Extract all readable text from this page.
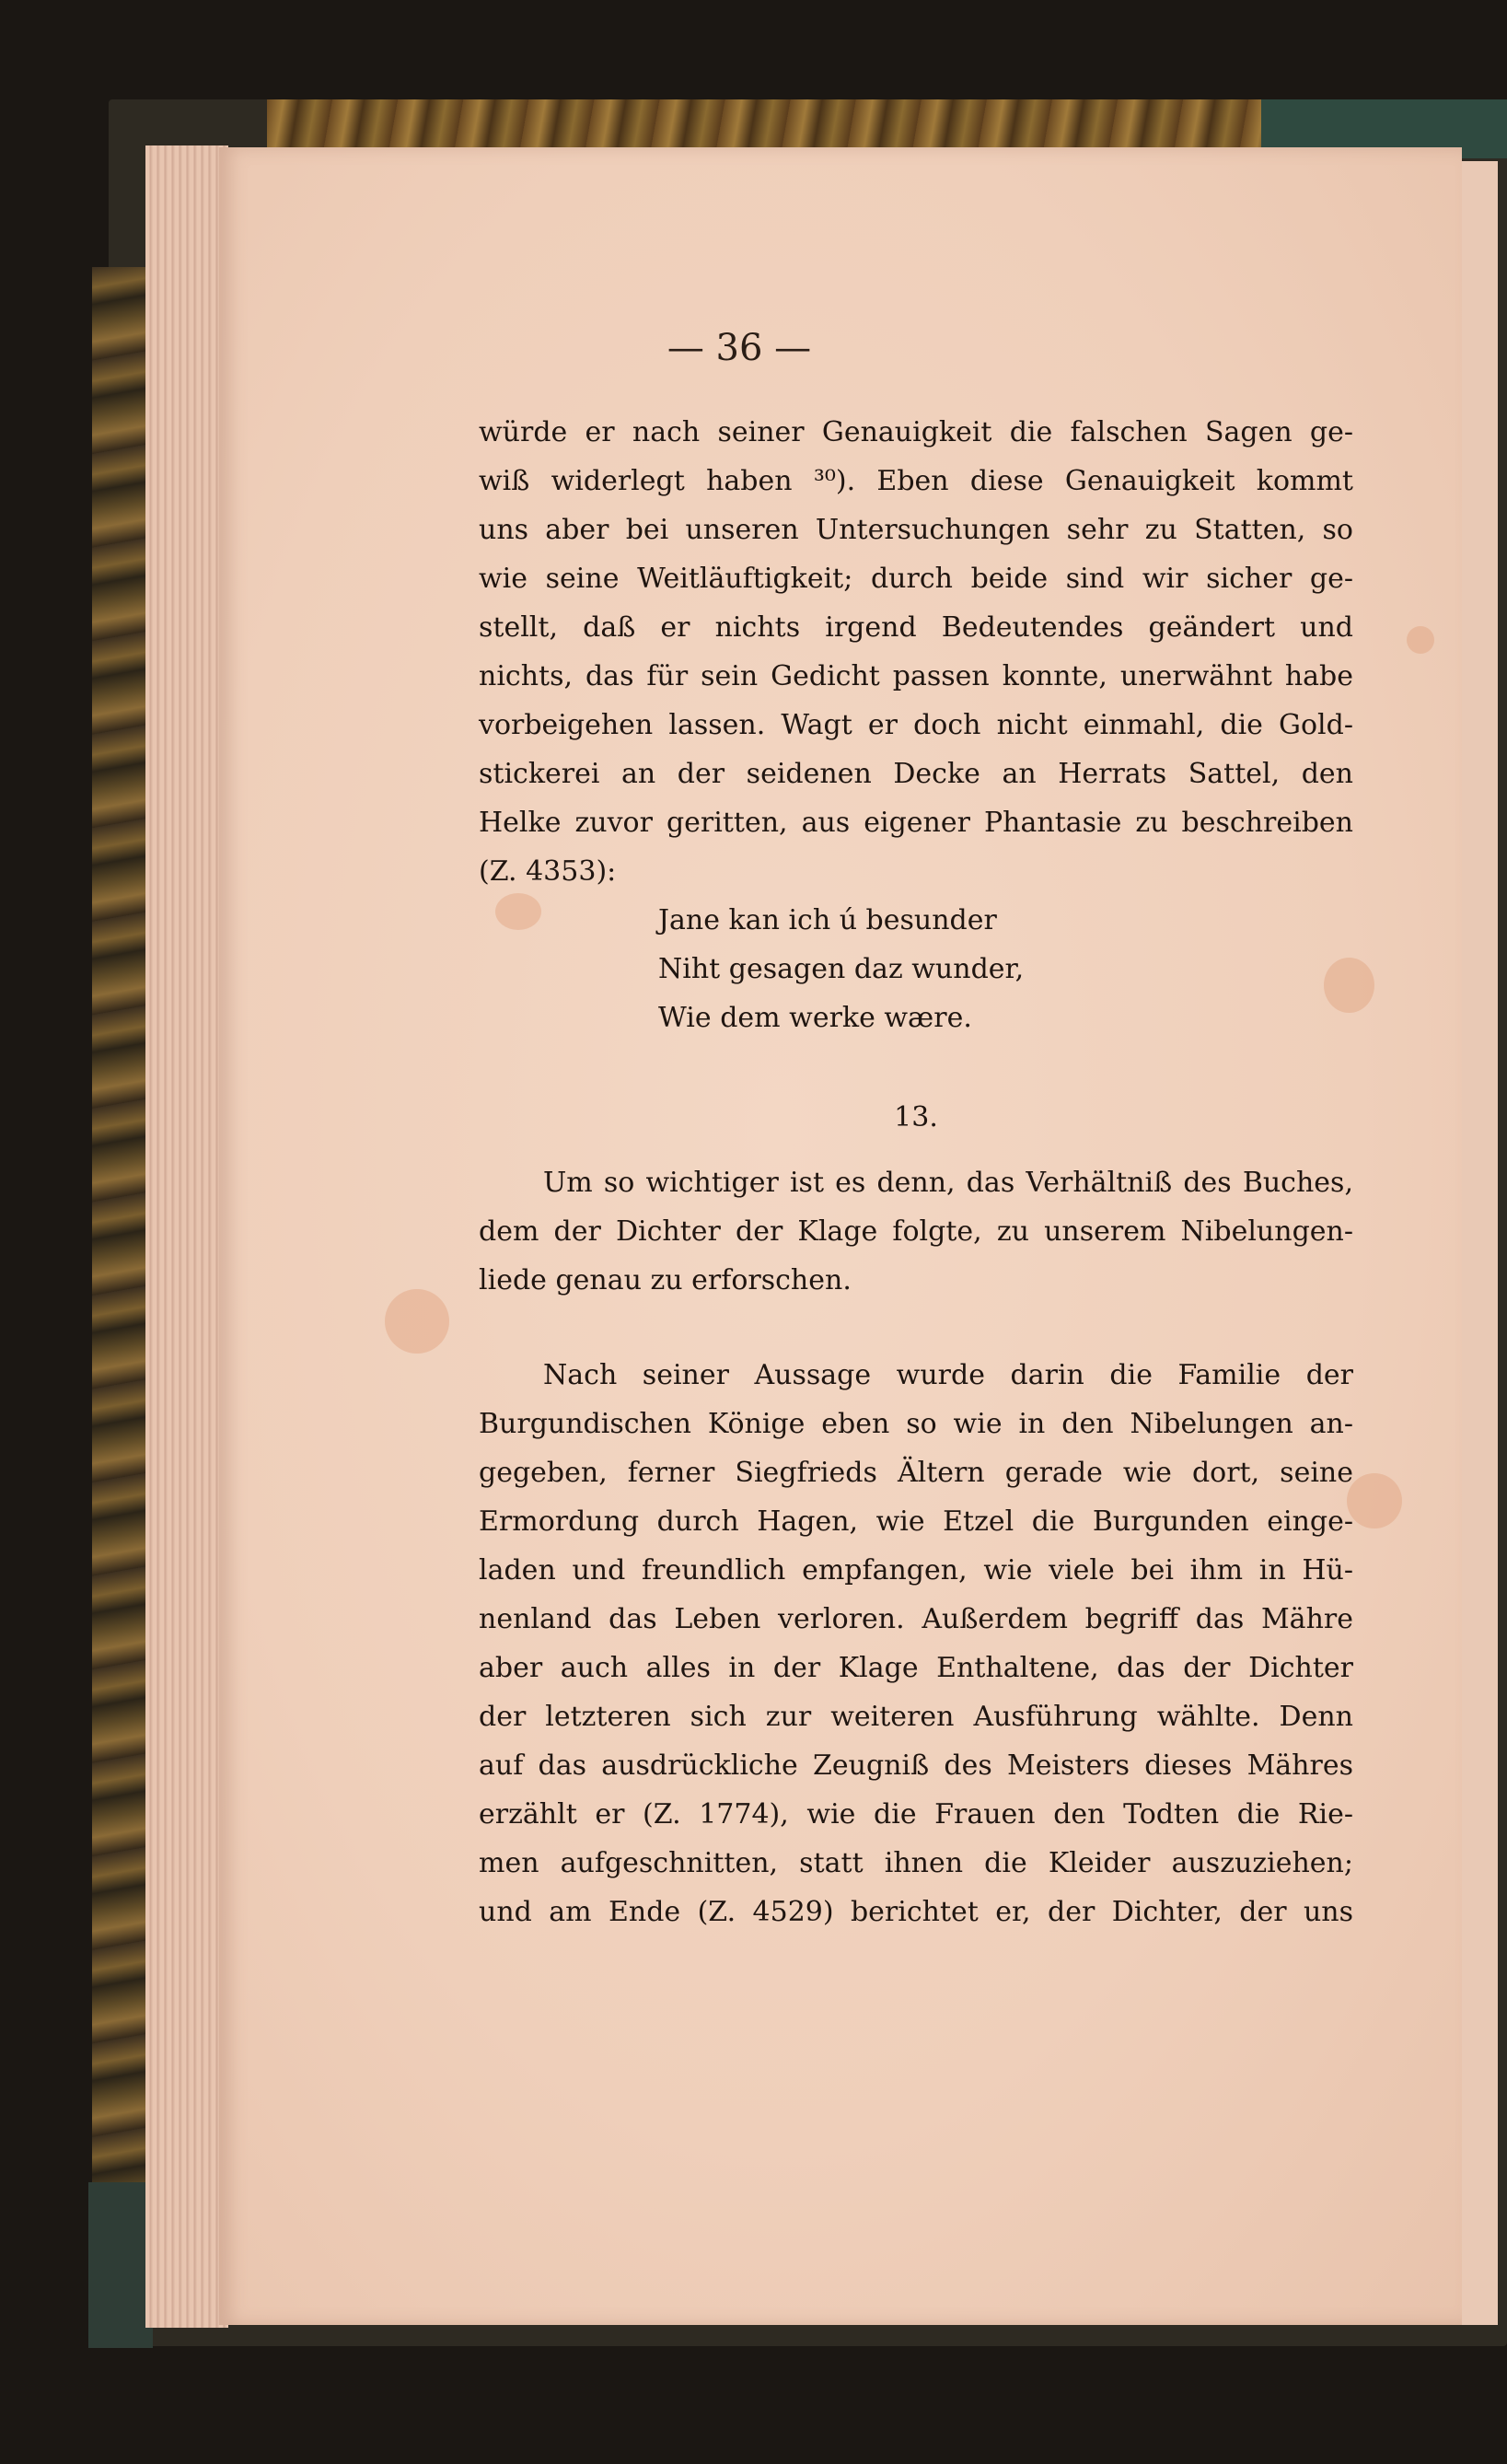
— 36 —
würde er nach seiner Genauigkeit die falschen Sagen ge-
wiß widerlegt haben ³⁰). Eben diese Genauigkeit kommt
uns aber bei unseren Untersuchungen sehr zu Statten, so
wie seine Weitläuftigkeit; durch beide sind wir sicher ge-
stellt, daß er nichts irgend Bedeutendes geändert und
nichts, das für sein Gedicht passen konnte, unerwähnt habe
vorbeigehen lassen. Wagt er doch nicht einmahl, die Gold-
stickerei an der seidenen Decke an Herrats Sattel, den
Helke zuvor geritten, aus eigener Phantasie zu beschreiben
(Z. 4353):
Jane kan ich ú besunder
Niht gesagen daz wunder,
Wie dem werke wære.
13.
Um so wichtiger ist es denn, das Verhältniß des Buches,
dem der Dichter der Klage folgte, zu unserem Nibelungen-
liede genau zu erforschen.
Nach seiner Aussage wurde darin die Familie der
Burgundischen Könige eben so wie in den Nibelungen an-
gegeben, ferner Siegfrieds Ältern gerade wie dort, seine
Ermordung durch Hagen, wie Etzel die Burgunden einge-
laden und freundlich empfangen, wie viele bei ihm in Hü-
nenland das Leben verloren. Außerdem begriff das Mähre
aber auch alles in der Klage Enthaltene, das der Dichter
der letzteren sich zur weiteren Ausführung wählte. Denn
auf das ausdrückliche Zeugniß des Meisters dieses Mähres
erzählt er (Z. 1774), wie die Frauen den Todten die Rie-
men aufgeschnitten, statt ihnen die Kleider auszuziehen;
und am Ende (Z. 4529) berichtet er, der Dichter, der uns
